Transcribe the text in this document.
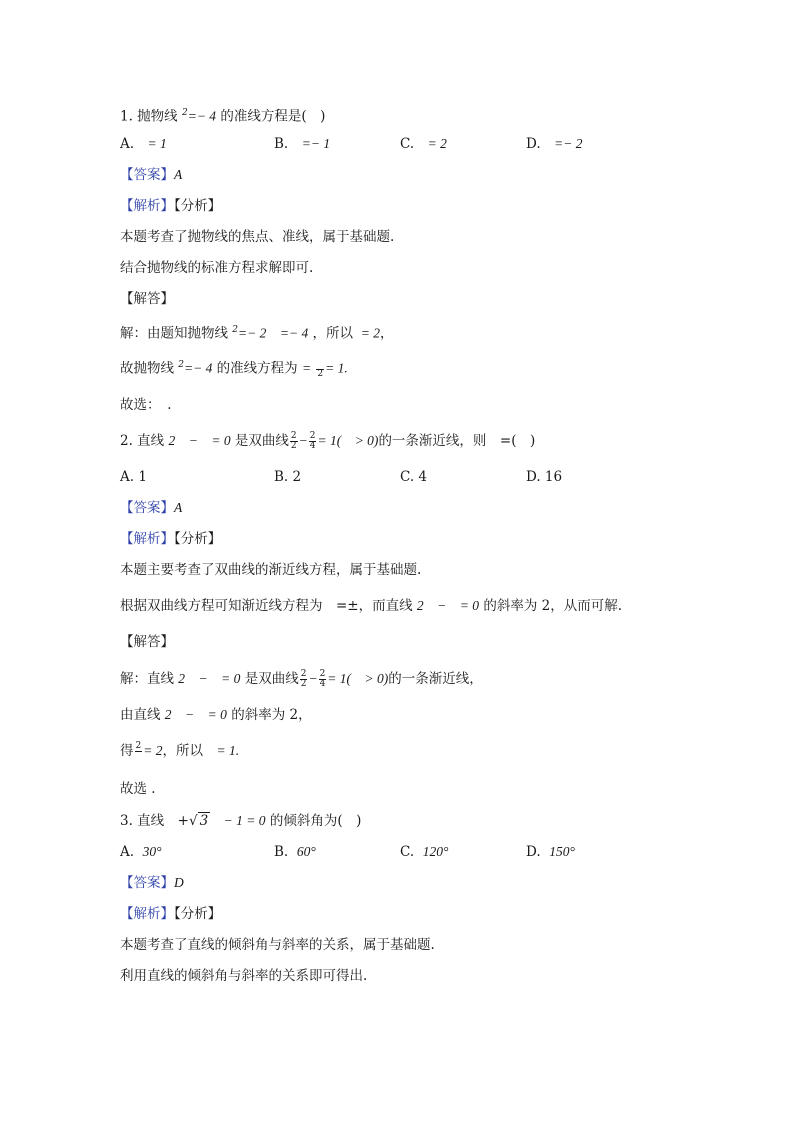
1. 抛物线 $^2$=− 4 的准线方程是(　)
A.　 = 1	B.　 =− 1	C.　 = 2	D.　 =− 2
【答案】A
【解析】【分析】
本题考查了抛物线的焦点、准线，属于基础题.
结合抛物线的标准方程求解即可.
【解答】
解：由题知抛物线 $^2$=− 2　=− 4 ，所以  = 2，
故抛物线 $^2$=− 4 的准线方程为 =
2 = 1.
故选：　.
2. 直线 2　−　= 0 是双曲线 $\frac{2}{2} - \frac{2}{4} = 1$(　> 0)的一条渐近线，则　=(　)
A. 1	B. 2	C. 4	D. 16
【答案】A
【解析】【分析】
本题主要考查了双曲线的渐近线方程，属于基础题.
根据双曲线方程可知渐近线方程为　=±，而直线 2　−　= 0 的斜率为 2，从而可解.
【解答】
解：直线 2　−　= 0 是双曲线 $\frac{2}{2} - \frac{2}{4} = 1$(　> 0)的一条渐近线，
由直线 2　−　= 0 的斜率为 2，
得 2
= 2，所以　= 1.
故选 .
3. 直线　+√ 3　− 1 = 0 的倾斜角为(　)
A. 30°	B. 60°	C. 120°	D. 150°
【答案】D
【解析】【分析】
本题考查了直线的倾斜角与斜率的关系，属于基础题.
利用直线的倾斜角与斜率的关系即可得出.
